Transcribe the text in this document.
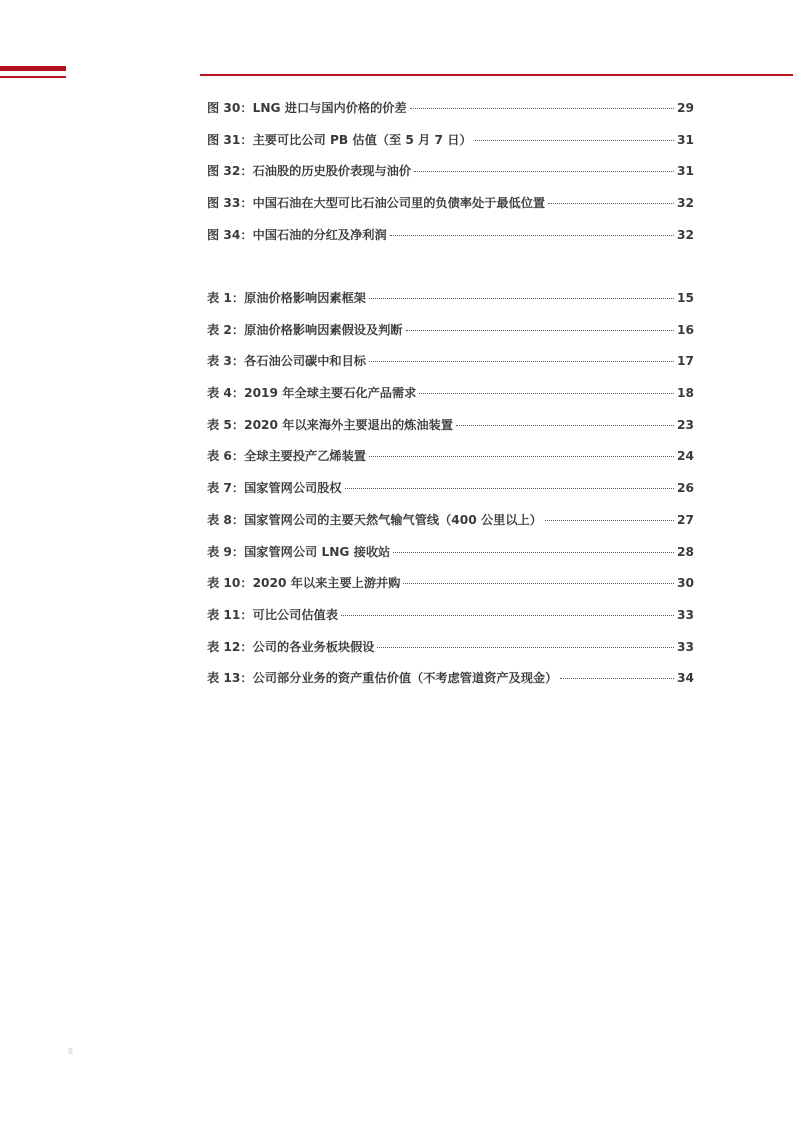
图 30：LNG 进口与国内价格的价差	29
图 31：主要可比公司 PB 估值（至 5 月 7 日）	31
图 32：石油股的历史股价表现与油价	31
图 33：中国石油在大型可比石油公司里的负债率处于最低位置	32
图 34：中国石油的分红及净利润	32
表 1：原油价格影响因素框架	15
表 2：原油价格影响因素假设及判断	16
表 3：各石油公司碳中和目标	17
表 4：2019 年全球主要石化产品需求	18
表 5：2020 年以来海外主要退出的炼油装置	23
表 6：全球主要投产乙烯装置	24
表 7：国家管网公司股权	26
表 8：国家管网公司的主要天然气输气管线（400 公里以上）	27
表 9：国家管网公司 LNG 接收站	28
表 10：2020 年以来主要上游并购	30
表 11：可比公司估值表	33
表 12：公司的各业务板块假设	33
表 13：公司部分业务的资产重估价值（不考虑管道资产及现金）	34
8
